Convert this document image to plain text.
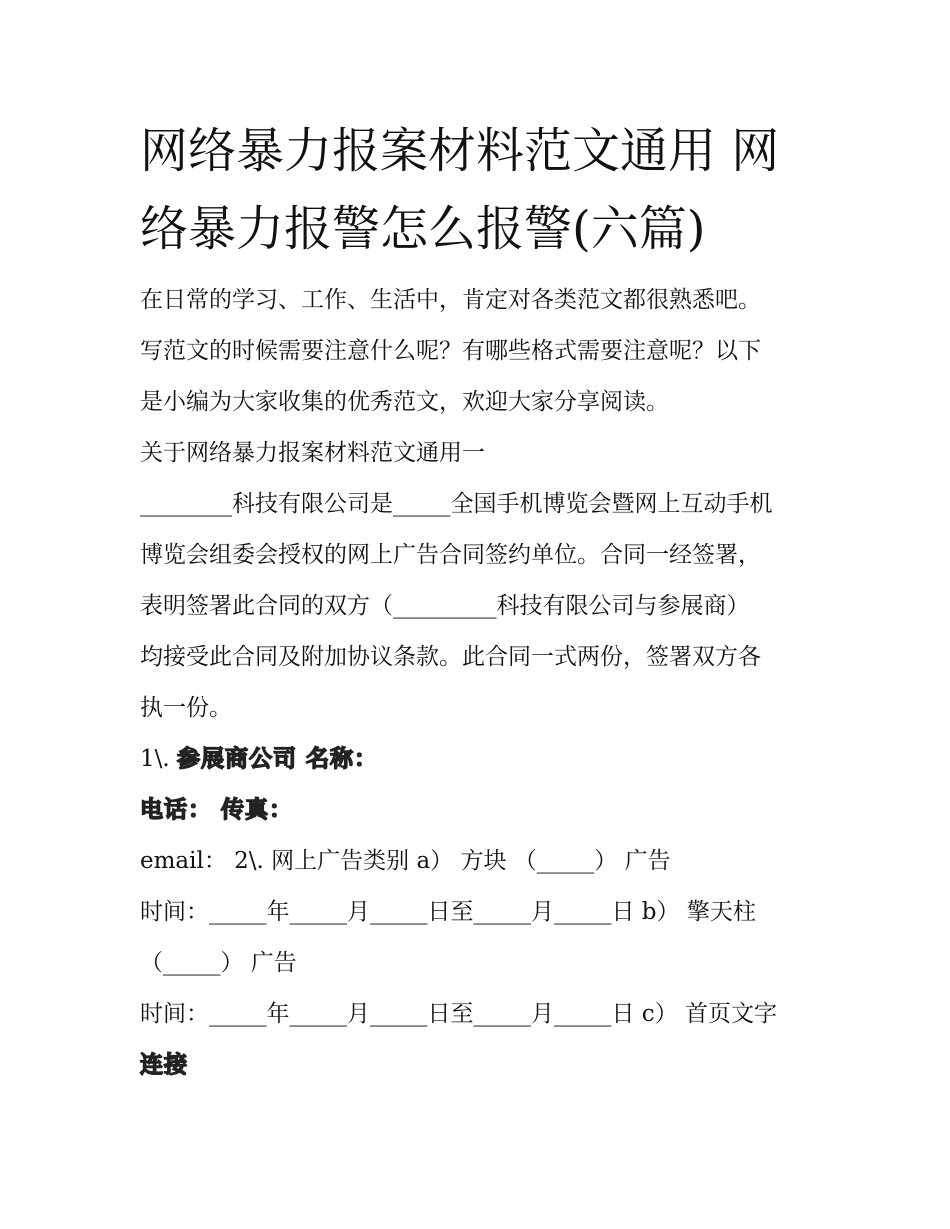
网络暴力报案材料范文通用 网络暴力报警怎么报警(六篇)

在日常的学习、工作、生活中，肯定对各类范文都很熟悉吧。

写范文的时候需要注意什么呢？有哪些格式需要注意呢？以下

是小编为大家收集的优秀范文，欢迎大家分享阅读。

关于网络暴力报案材料范文通用一

________科技有限公司是_____全国手机博览会暨网上互动手机

博览会组委会授权的网上广告合同签约单位。合同一经签署，

表明签署此合同的双方（_________科技有限公司与参展商）

均接受此合同及附加协议条款。此合同一式两份，签署双方各

执一份。

1\. 参展商公司 名称：

电话： 传真：

email： 2\. 网上广告类别 a） 方块 （_____） 广告

时间：_____年_____月_____日至_____月_____日 b） 擎天柱

（_____） 广告

时间：_____年_____月_____日至_____月_____日 c） 首页文字

连接
